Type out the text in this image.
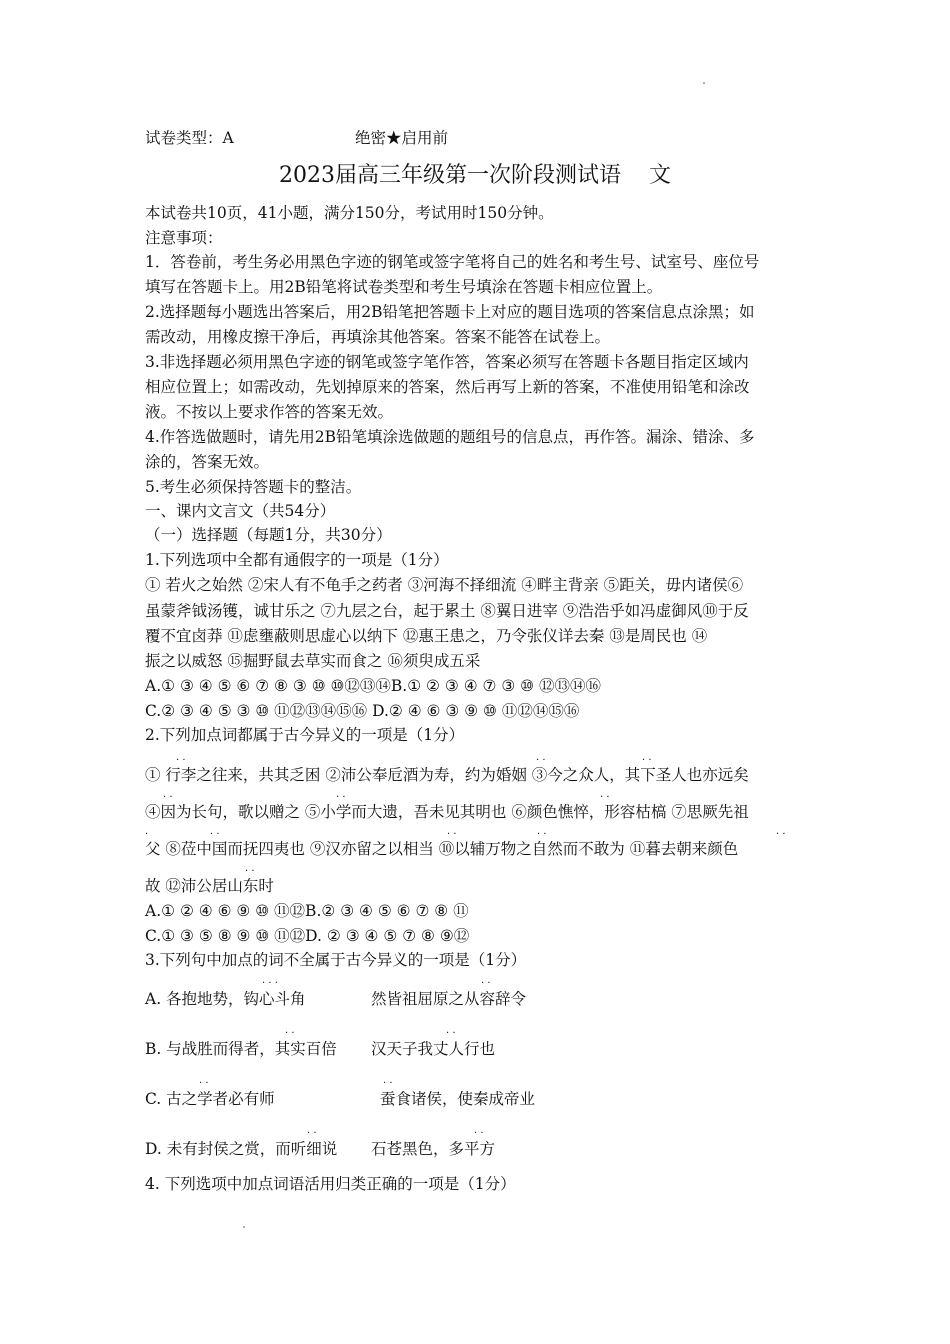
试卷类型：A	绝密★启用前
2023届高三年级第一次阶段测试语    文
本试卷共10页，41小题，满分150分，考试用时150分钟。
注意事项：
1．答卷前，考生务必用黑色字迹的钢笔或签字笔将自己的姓名和考生号、试室号、座位号
填写在答题卡上。用2B铅笔将试卷类型和考生号填涂在答题卡相应位置上。
2.选择题每小题选出答案后，用2B铅笔把答题卡上对应的题目选项的答案信息点涂黑；如
需改动，用橡皮擦干净后，再填涂其他答案。答案不能答在试卷上。
3.非选择题必须用黑色字迹的钢笔或签字笔作答，答案必须写在答题卡各题目指定区域内
相应位置上；如需改动，先划掉原来的答案，然后再写上新的答案，不准使用铅笔和涂改
液。不按以上要求作答的答案无效。
4.作答选做题时，请先用2B铅笔填涂选做题的题组号的信息点，再作答。漏涂、错涂、多
涂的，答案无效。
5.考生必须保持答题卡的整洁。
一、课内文言文（共54分）
（一）选择题（每题1分，共30分）
1.下列选项中全都有通假字的一项是（1分）
① 若火之始然 ②宋人有不龟手之药者 ③河海不择细流 ④畔主背亲 ⑤距关，毋内诸侯⑥
虽蒙斧钺汤镬，诚甘乐之 ⑦九层之台，起于累土 ⑧翼日进宰 ⑨浩浩乎如冯虚御风⑩于反
覆不宜卤莽 ⑪虑壅蔽则思虚心以纳下 ⑫惠王患之，乃令张仪详去秦 ⑬是周民也 ⑭
振之以威怒 ⑮掘野鼠去草实而食之 ⑯须臾成五采
A.① ③ ④ ⑤ ⑥ ⑦ ⑧ ③ ⑩ ⑩⑫⑬⑭B.① ② ③ ④ ⑦ ③ ⑩ ⑫⑬⑭⑯
C.② ③ ④ ⑤ ③ ⑩ ⑪⑫⑬⑭⑮⑯ D.② ④ ⑥ ③ ⑨ ⑩ ⑪⑫⑭⑮⑯
2.下列加点词都属于古今异义的一项是（1分）
① 行李之往来，共其乏困 ②沛公奉卮酒为寿，约为婚姻 ③今之众人，其下圣人也亦远矣
④因为长句，歌以赠之 ⑤小学而大遗，吾未见其明也 ⑥颜色憔悴，形容枯槁 ⑦思厥先祖
父 ⑧莅中国而抚四夷也 ⑨汉亦留之以相当 ⑩以辅万物之自然而不敢为 ⑪暮去朝来颜色
故 ⑫沛公居山东时
A.① ② ④ ⑥ ⑨ ⑩ ⑪⑫B.② ③ ④ ⑤ ⑥ ⑦ ⑧ ⑪
C.① ③ ⑤ ⑧ ⑨ ⑩ ⑪⑫D. ② ③ ④ ⑤ ⑦ ⑧ ⑨⑫
· ·	· ·	· ·
· ·	· ·	· ·
·	· ·	· ·	· ·	· ·
· ·
3.下列句中加点的词不全属于古今异义的一项是（1分）
A. 各抱地势，钩心斗角	然皆祖屈原之从容辞令
B. 与战胜而得者，其实百倍 汉天子我丈人行也
C. 古之学者必有师	蚕食诸侯，使秦成帝业
D. 未有封侯之赏，而听细说 石苍黑色，多平方
· · ·	· ·
· ·	· ·
· ·	· ·
· ·	· ·
4. 下列选项中加点词语活用归类正确的一项是（1分）
